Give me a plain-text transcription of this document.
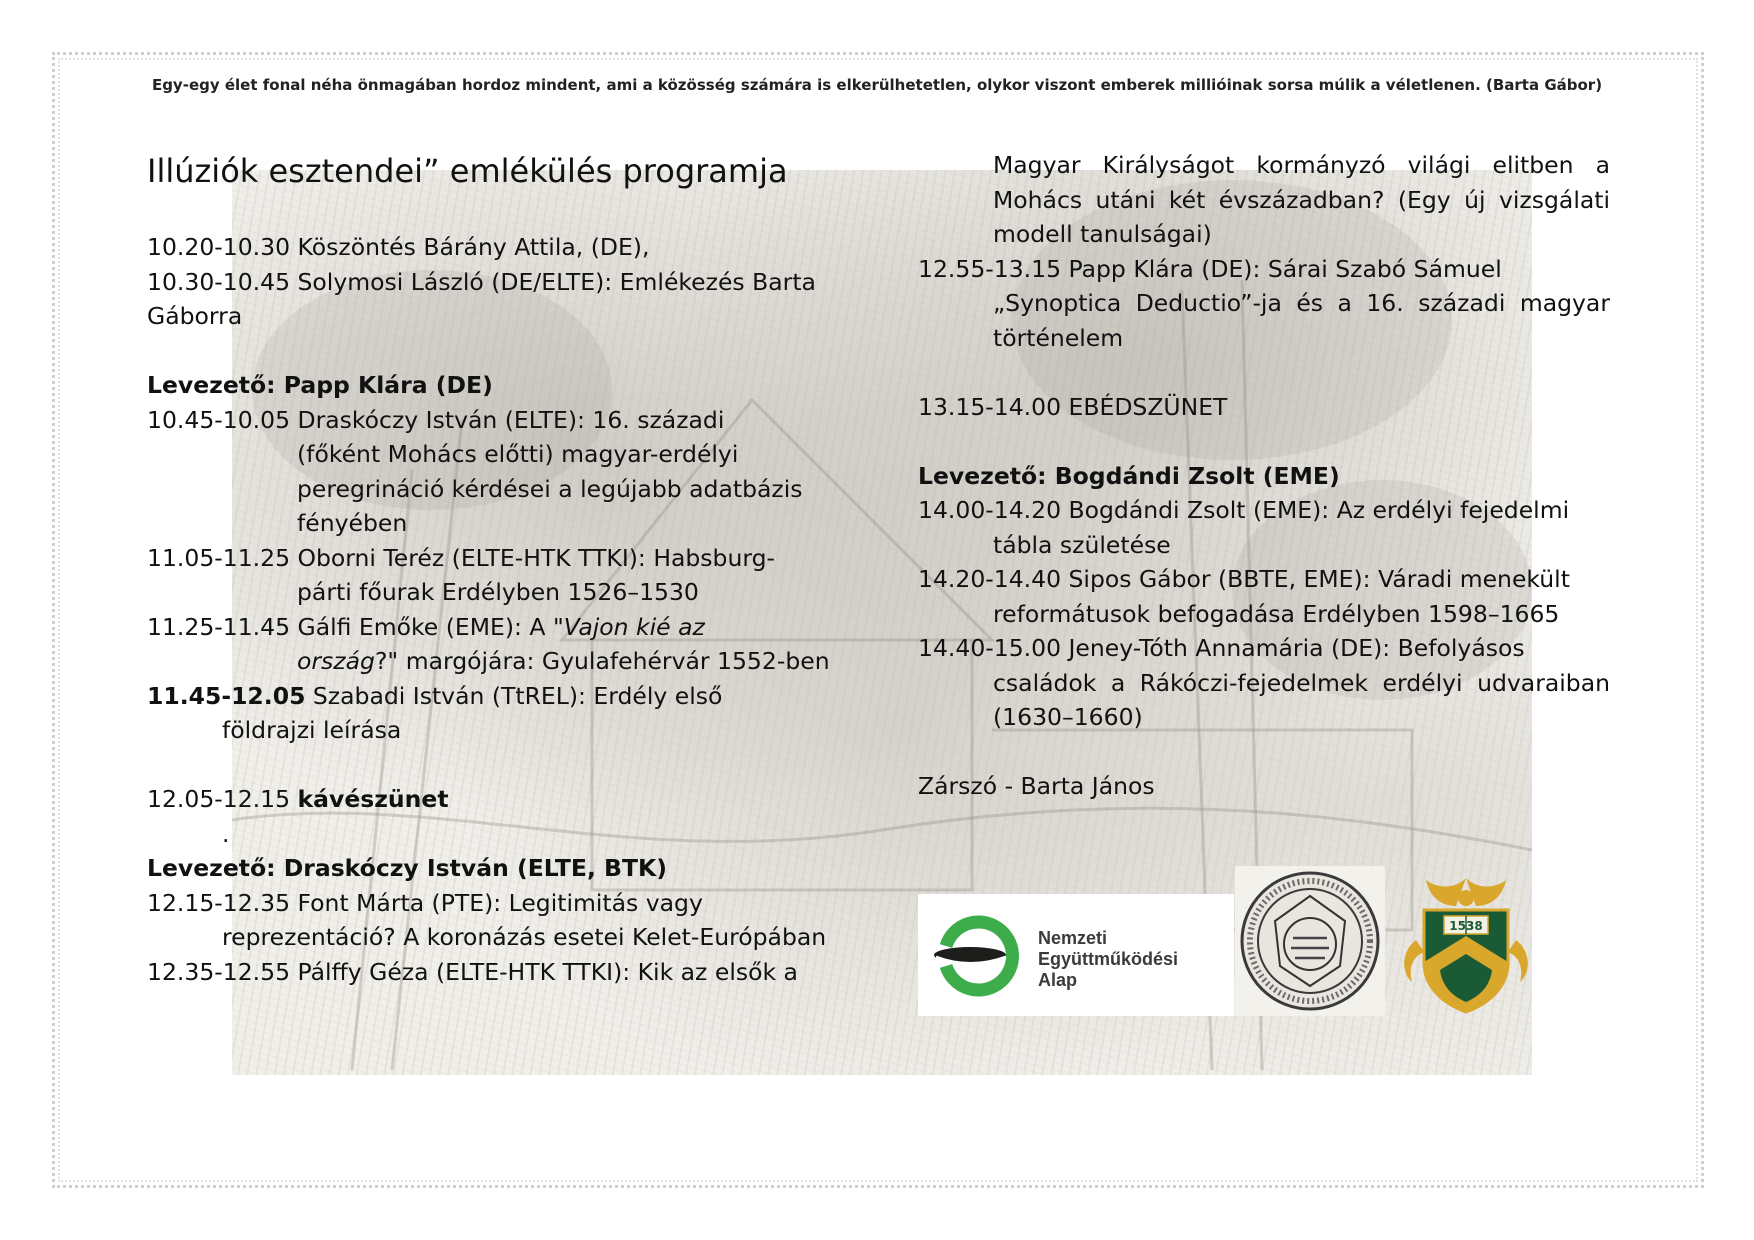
Egy-egy élet fonal néha önmagában hordoz mindent, ami a közösség számára is elkerülhetetlen, olykor viszont emberek millióinak sorsa múlik a véletlenen. (Barta Gábor)
Illúziók esztendei” emlékülés programja
10.20-10.30 Köszöntés Bárány Attila, (DE),
10.30-10.45 Solymosi László (DE/ELTE): Emlékezés Barta
Gáborra
Levezető: Papp Klára (DE)
10.45-10.05 Draskóczy István (ELTE): 16. századi
(főként Mohács előtti) magyar-erdélyi
peregrináció kérdései a legújabb adatbázis
fényében
11.05-11.25 Oborni Teréz (ELTE-HTK TTKI): Habsburg-
párti főurak Erdélyben 1526–1530
11.25-11.45 Gálfi Emőke (EME): A "Vajon kié az
ország?" margójára: Gyulafehérvár 1552-ben
11.45-12.05 Szabadi István (TtREL): Erdély első
földrajzi leírása
12.05-12.15 kávészünet
.
Levezető: Draskóczy István (ELTE, BTK)
12.15-12.35 Font Márta (PTE): Legitimitás vagy
reprezentáció? A koronázás esetei Kelet-Európában
12.35-12.55 Pálffy Géza (ELTE-HTK TTKI): Kik az elsők a
Magyar Királyságot kormányzó világi elitben a
Mohács utáni két évszázadban? (Egy új vizsgálati
modell tanulságai)
12.55-13.15 Papp Klára (DE): Sárai Szabó Sámuel
„Synoptica Deductio”-ja és a 16. századi magyar
történelem
13.15-14.00 EBÉDSZÜNET
Levezető: Bogdándi Zsolt (EME)
14.00-14.20 Bogdándi Zsolt (EME): Az erdélyi fejedelmi
tábla születése
14.20-14.40 Sipos Gábor (BBTE, EME): Váradi menekült
reformátusok befogadása Erdélyben 1598–1665
14.40-15.00 Jeney-Tóth Annamária (DE): Befolyásos
családok a Rákóczi-fejedelmek erdélyi udvaraiban
(1630–1660)
Zárszó - Barta János
Nemzeti
Együttműködési
Alap
1538
